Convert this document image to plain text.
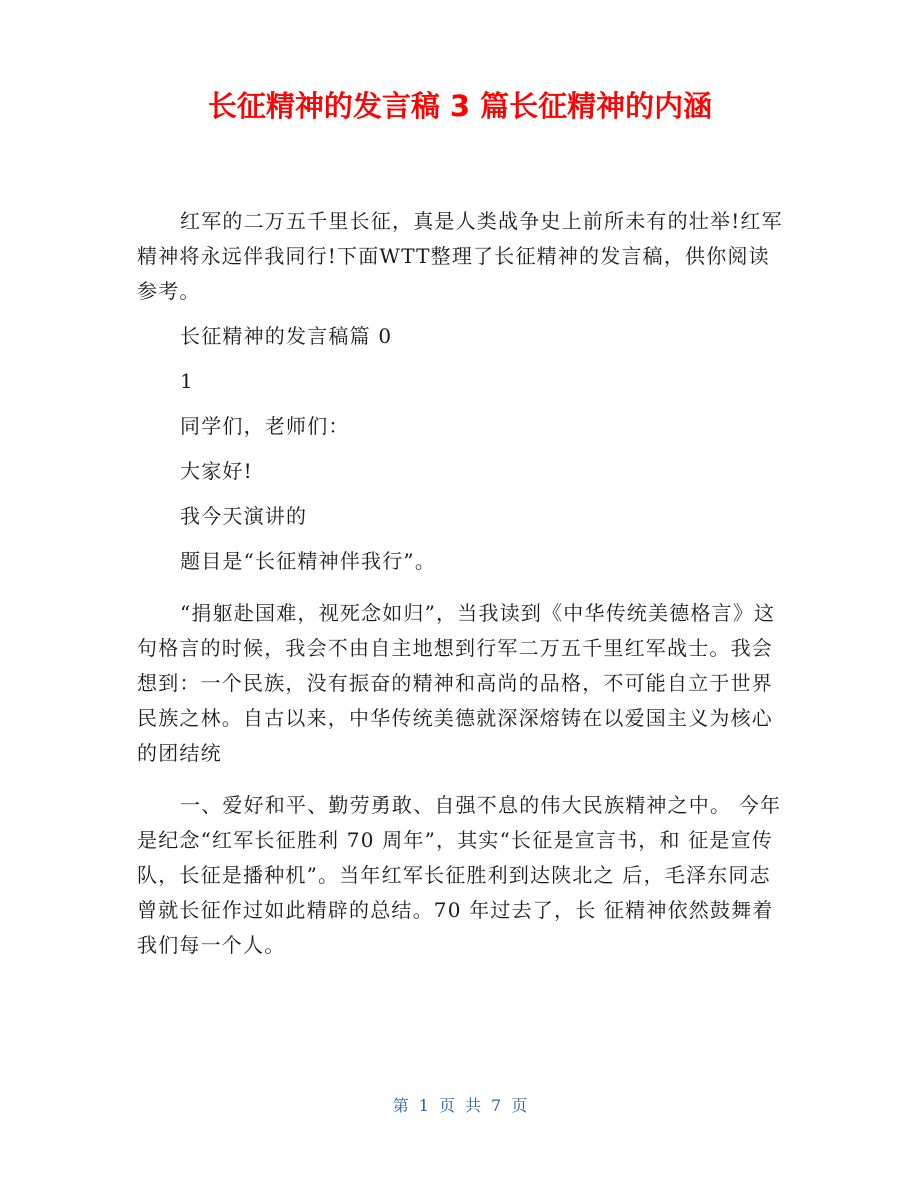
长征精神的发言稿 3 篇长征精神的内涵

红军的二万五千里长征，真是人类战争史上前所未有的壮举!红军精神将永远伴我同行!下面WTT整理了长征精神的发言稿，供你阅读参考。

长征精神的发言稿篇 0

1

同学们，老师们：

大家好!

我今天演讲的

题目是“长征精神伴我行”。

“捐躯赴国难，视死念如归”，当我读到《中华传统美德格言》这句格言的时候，我会不由自主地想到行军二万五千里红军战士。我会想到：一个民族，没有振奋的精神和高尚的品格，不可能自立于世界民族之林。自古以来，中华传统美德就深深熔铸在以爱国主义为核心的团结统

一、爱好和平、勤劳勇敢、自强不息的伟大民族精神之中。 今年是纪念“红军长征胜利 70 周年”，其实“长征是宣言书，和 征是宣传队，长征是播种机”。当年红军长征胜利到达陕北之 后，毛泽东同志曾就长征作过如此精辟的总结。70 年过去了，长 征精神依然鼓舞着我们每一个人。

第 1 页 共 7 页
